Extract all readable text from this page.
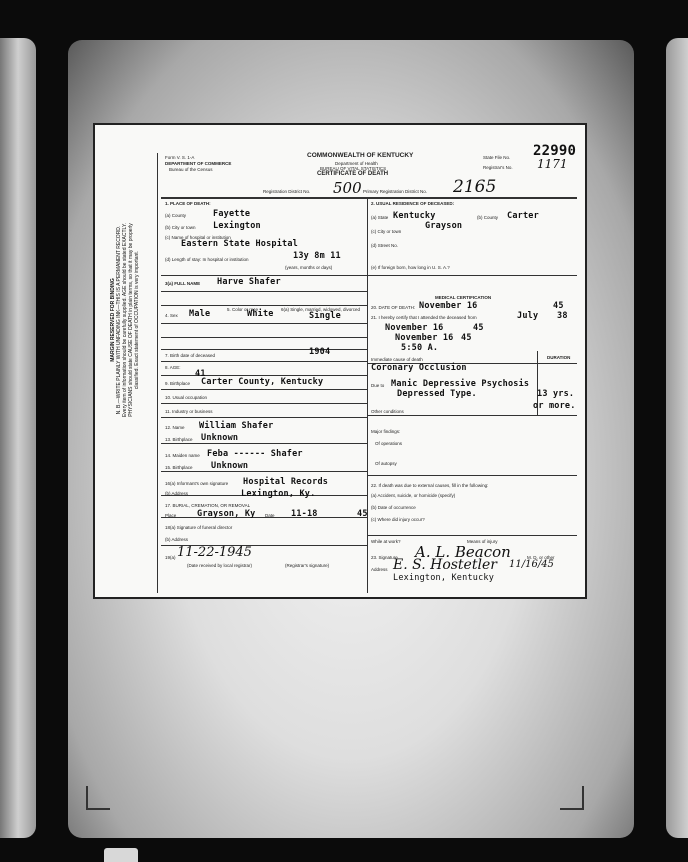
MARGIN RESERVED FOR BINDING N. B.—WRITE PLAINLY WITH UNFADING INK—THIS IS A PERMANENT RECORD. Every item of information should be carefully supplied. AGE should be stated EXACTLY. PHYSICIANS should state CAUSE OF DEATH in plain terms, so that it may be properly classified. Exact statement of OCCUPATION is very important.
Form V. S. 1-A
DEPARTMENT OF COMMERCE
Bureau of the Census
COMMONWEALTH OF KENTUCKY
Department of Health
BUREAU OF VITAL STATISTICS
CERTIFICATE OF DEATH
State File No. 22990
Registrar's No. 1171
Registration District No. 500 Primary Registration District No. 2165
1. PLACE OF DEATH:
(a) County	Fayette
(b) City or town Lexington
(c) Name of hospital or institution
Eastern State Hospital
(d) Length of stay: In hospital or institution	13y 8m 11
(years, months or days)
2. USUAL RESIDENCE OF DECEASED:
(a) State Kentucky	(b) County Carter
(c) City or town
Grayson
(d) Street No.
(e) If foreign born, how long in U. S. A.?
3(a) FULL NAME Harve Shafer
4. Sex Male	5. Color or race
White 6(a) Single, married, widowed, divorced
Single
7. Birth date of deceased	1904
8. AGE:
41
9. Birthplace Carter County, Kentucky
10. Usual occupation
11. Industry or business
12. Name William Shafer
13. Birthplace Unknown
14. Maiden name Feba ------ Shafer
15. Birthplace Unknown
16(a) Informant's own signature Hospital Records
(b) Address	Lexington, Ky.
17. BURIAL, CREMATION, OR REMOVAL
Place Grayson, Ky Date 11-18	45
18(a) Signature of funeral director
(b) Address
19(a) 11-22-1945
(Date received by local registrar)	(Registrar's signature)
MEDICAL CERTIFICATION
20. DATE OF DEATH: November 16	45
21. I hereby certify that I attended the deceased from	July 38
November 16	45
November 16 45
5:50 A.
DURATION
Immediate cause of death
Coronary Occlusion
Due to Manic Depressive Psychosis
Depressed Type.	13 yrs.
or more.
Other conditions
Major findings:
Of operations
Of autopsy
22. If death was due to external causes, fill in the following:
(a) Accident, suicide, or homicide (specify)
(b) Date of occurrence
(c) Where did injury occur?
While at work?	Means of injury
23. Signature A. L. Beacon	M. D. or other
Address E. S. Hostetler 11/16/45
Lexington, Kentucky
